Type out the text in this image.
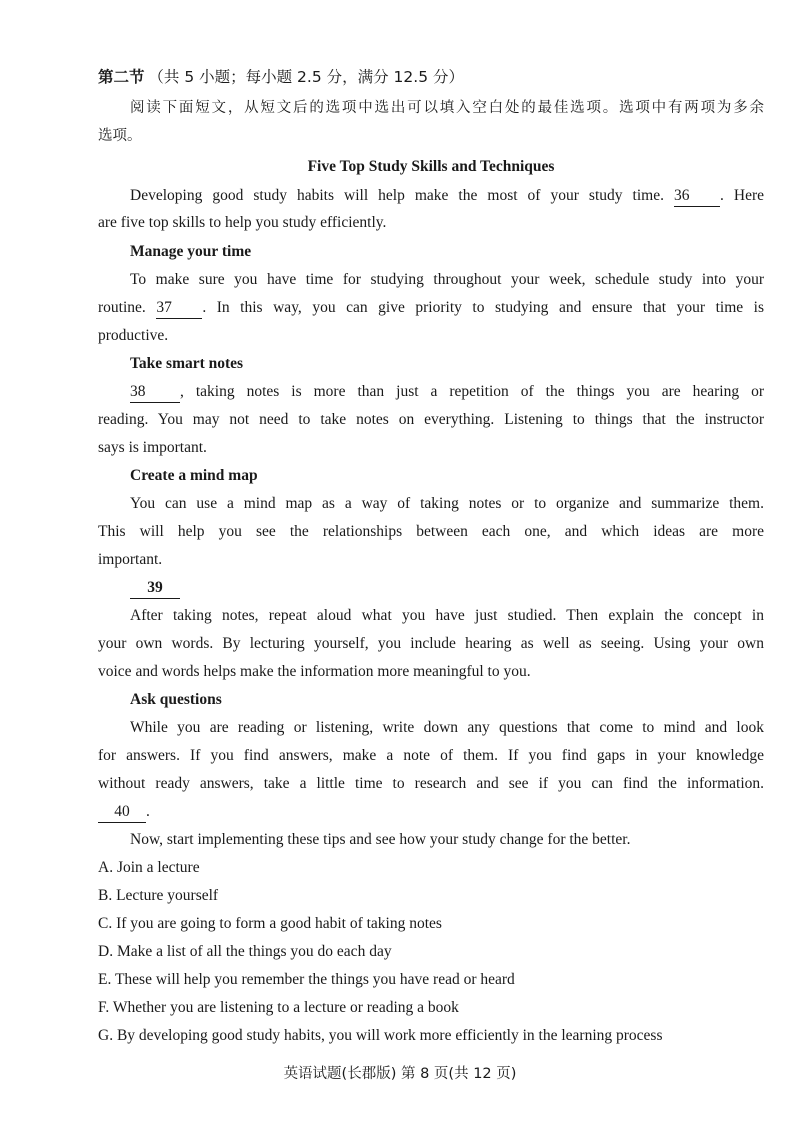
第二节 （共 5 小题；每小题 2.5 分，满分 12.5 分）
阅读下面短文，从短文后的选项中选出可以填入空白处的最佳选项。选项中有两项为多余
选项。
Five Top Study Skills and Techniques
Developing good study habits will help make the most of your study time. 36 . Here
are five top skills to help you study efficiently.
Manage your time
To make sure you have time for studying throughout your week, schedule study into your
routine. 37 . In this way, you can give priority to studying and ensure that your time is
productive.
Take smart notes
38 , taking notes is more than just a repetition of the things you are hearing or
reading. You may not need to take notes on everything. Listening to things that the instructor
says is important.
Create a mind map
You can use a mind map as a way of taking notes or to organize and summarize them.
This will help you see the relationships between each one, and which ideas are more
important.
39
After taking notes, repeat aloud what you have just studied. Then explain the concept in
your own words. By lecturing yourself, you include hearing as well as seeing. Using your own
voice and words helps make the information more meaningful to you.
Ask questions
While you are reading or listening, write down any questions that come to mind and look
for answers. If you find answers, make a note of them. If you find gaps in your knowledge
without ready answers, take a little time to research and see if you can find the information.
40 .
Now, start implementing these tips and see how your study change for the better.
A. Join a lecture
B. Lecture yourself
C. If you are going to form a good habit of taking notes
D. Make a list of all the things you do each day
E. These will help you remember the things you have read or heard
F. Whether you are listening to a lecture or reading a book
G. By developing good study habits, you will work more efficiently in the learning process
英语试题(长郡版) 第 8 页(共 12 页)
